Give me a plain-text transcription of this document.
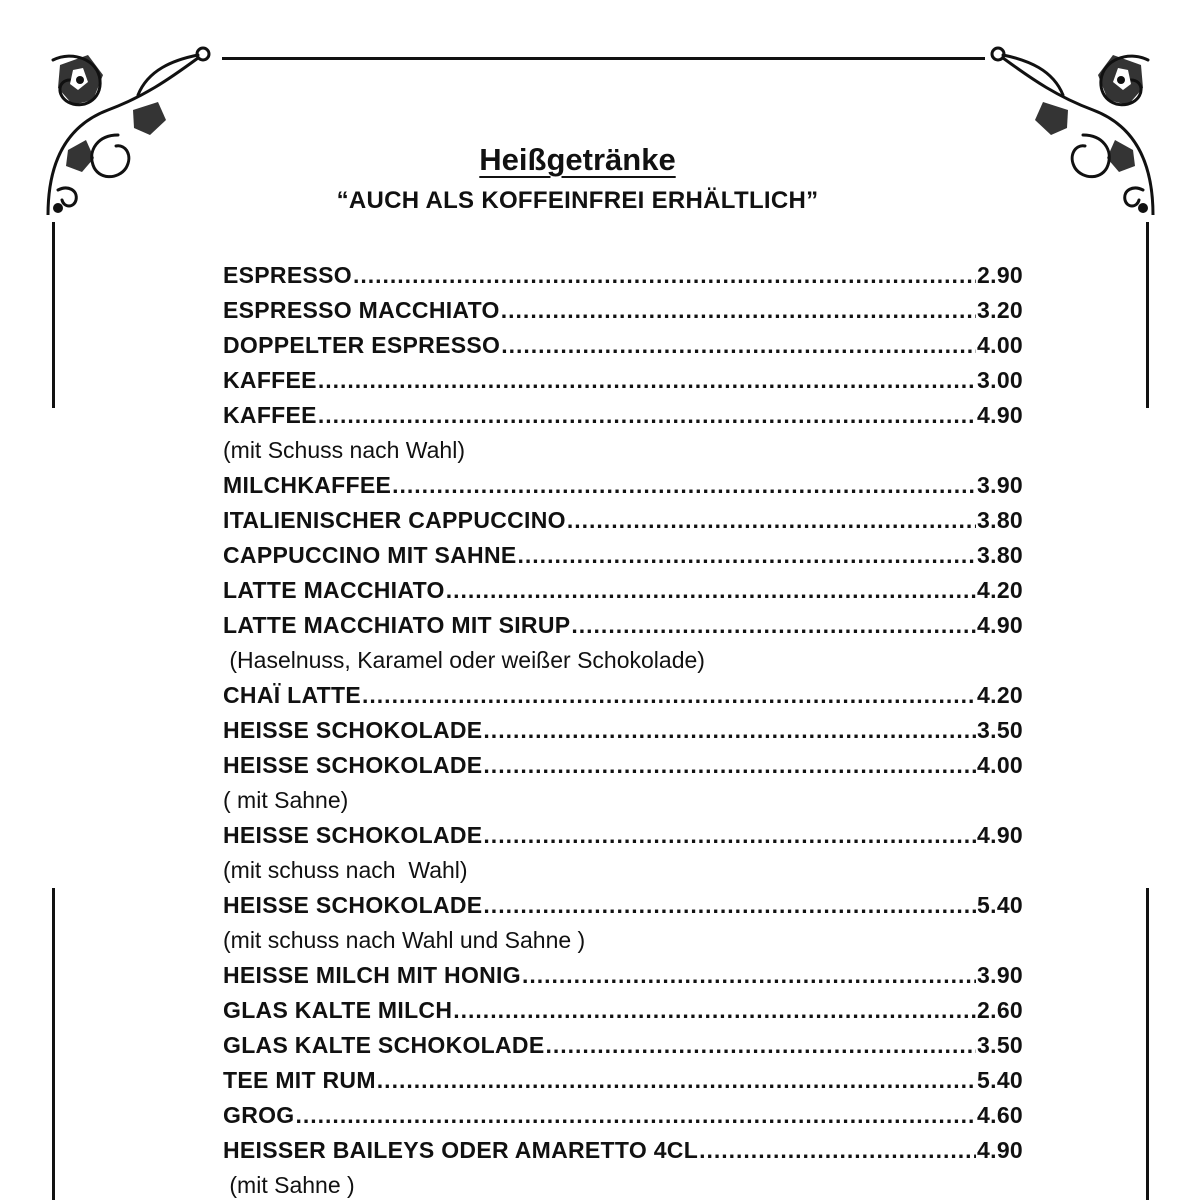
Heißgetränke
“AUCH ALS KOFFEINFREI ERHÄLTLICH”
ESPRESSO .....	2.90
ESPRESSO MACCHIATO .....	3.20
DOPPELTER ESPRESSO .....	4.00
KAFFEE .....	3.00
KAFFEE .....	4.90
(mit Schuss nach Wahl)
MILCHKAFFEE .....	3.90
ITALIENISCHER CAPPUCCINO .....	3.80
CAPPUCCINO MIT SAHNE .....	3.80
LATTE MACCHIATO .....	4.20
LATTE MACCHIATO MIT SIRUP .....	4.90
(Haselnuss, Karamel oder weißer Schokolade)
CHAÏ LATTE .....	4.20
HEISSE SCHOKOLADE .....	3.50
HEISSE SCHOKOLADE .....	4.00
( mit Sahne)
HEISSE SCHOKOLADE .....	4.90
(mit schuss nach  Wahl)
HEISSE SCHOKOLADE .....	5.40
(mit schuss nach Wahl und Sahne )
HEISSE MILCH MIT HONIG .....	3.90
GLAS KALTE MILCH .....	2.60
GLAS KALTE SCHOKOLADE .....	3.50
TEE MIT RUM .....	5.40
GROG .....	4.60
HEISSER BAILEYS ODER AMARETTO 4CL .....	4.90
(mit Sahne )
